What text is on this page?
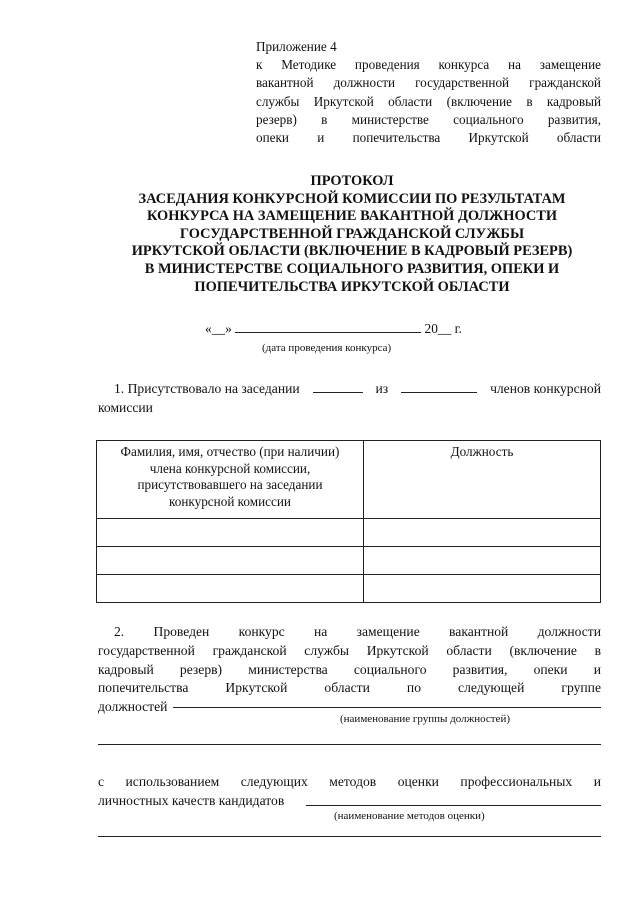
Приложение 4
к Методике проведения конкурса на замещение
вакантной должности государственной гражданской
службы Иркутской области (включение в кадровый
резерв) в министерстве социального развития,
опеки и попечительства Иркутской области
ПРОТОКОЛ
ЗАСЕДАНИЯ КОНКУРСНОЙ КОМИССИИ ПО РЕЗУЛЬТАТАМ
КОНКУРСА НА ЗАМЕЩЕНИЕ ВАКАНТНОЙ ДОЛЖНОСТИ
ГОСУДАРСТВЕННОЙ ГРАЖДАНСКОЙ СЛУЖБЫ
ИРКУТСКОЙ ОБЛАСТИ (ВКЛЮЧЕНИЕ В КАДРОВЫЙ РЕЗЕРВ)
В МИНИСТЕРСТВЕ СОЦИАЛЬНОГО РАЗВИТИЯ, ОПЕКИ И
ПОПЕЧИТЕЛЬСТВА ИРКУТСКОЙ ОБЛАСТИ
«__»	20__ г.
(дата проведения конкурса)
1. Присутствовало на заседании	из	членов конкурсной
комиссии
Фамилия, имя, отчество (при наличии)
члена конкурсной комиссии,
присутствовавшего на заседании
конкурсной комиссии	Должность

2. Проведен конкурс на замещение вакантной должности
государственной гражданской службы Иркутской области (включение в
кадровый резерв) министерства социального развития, опеки и
попечительства Иркутской области по следующей группе
должностей
(наименование группы должностей)
с использованием следующих методов оценки профессиональных и
личностных качеств кандидатов
(наименование методов оценки)
